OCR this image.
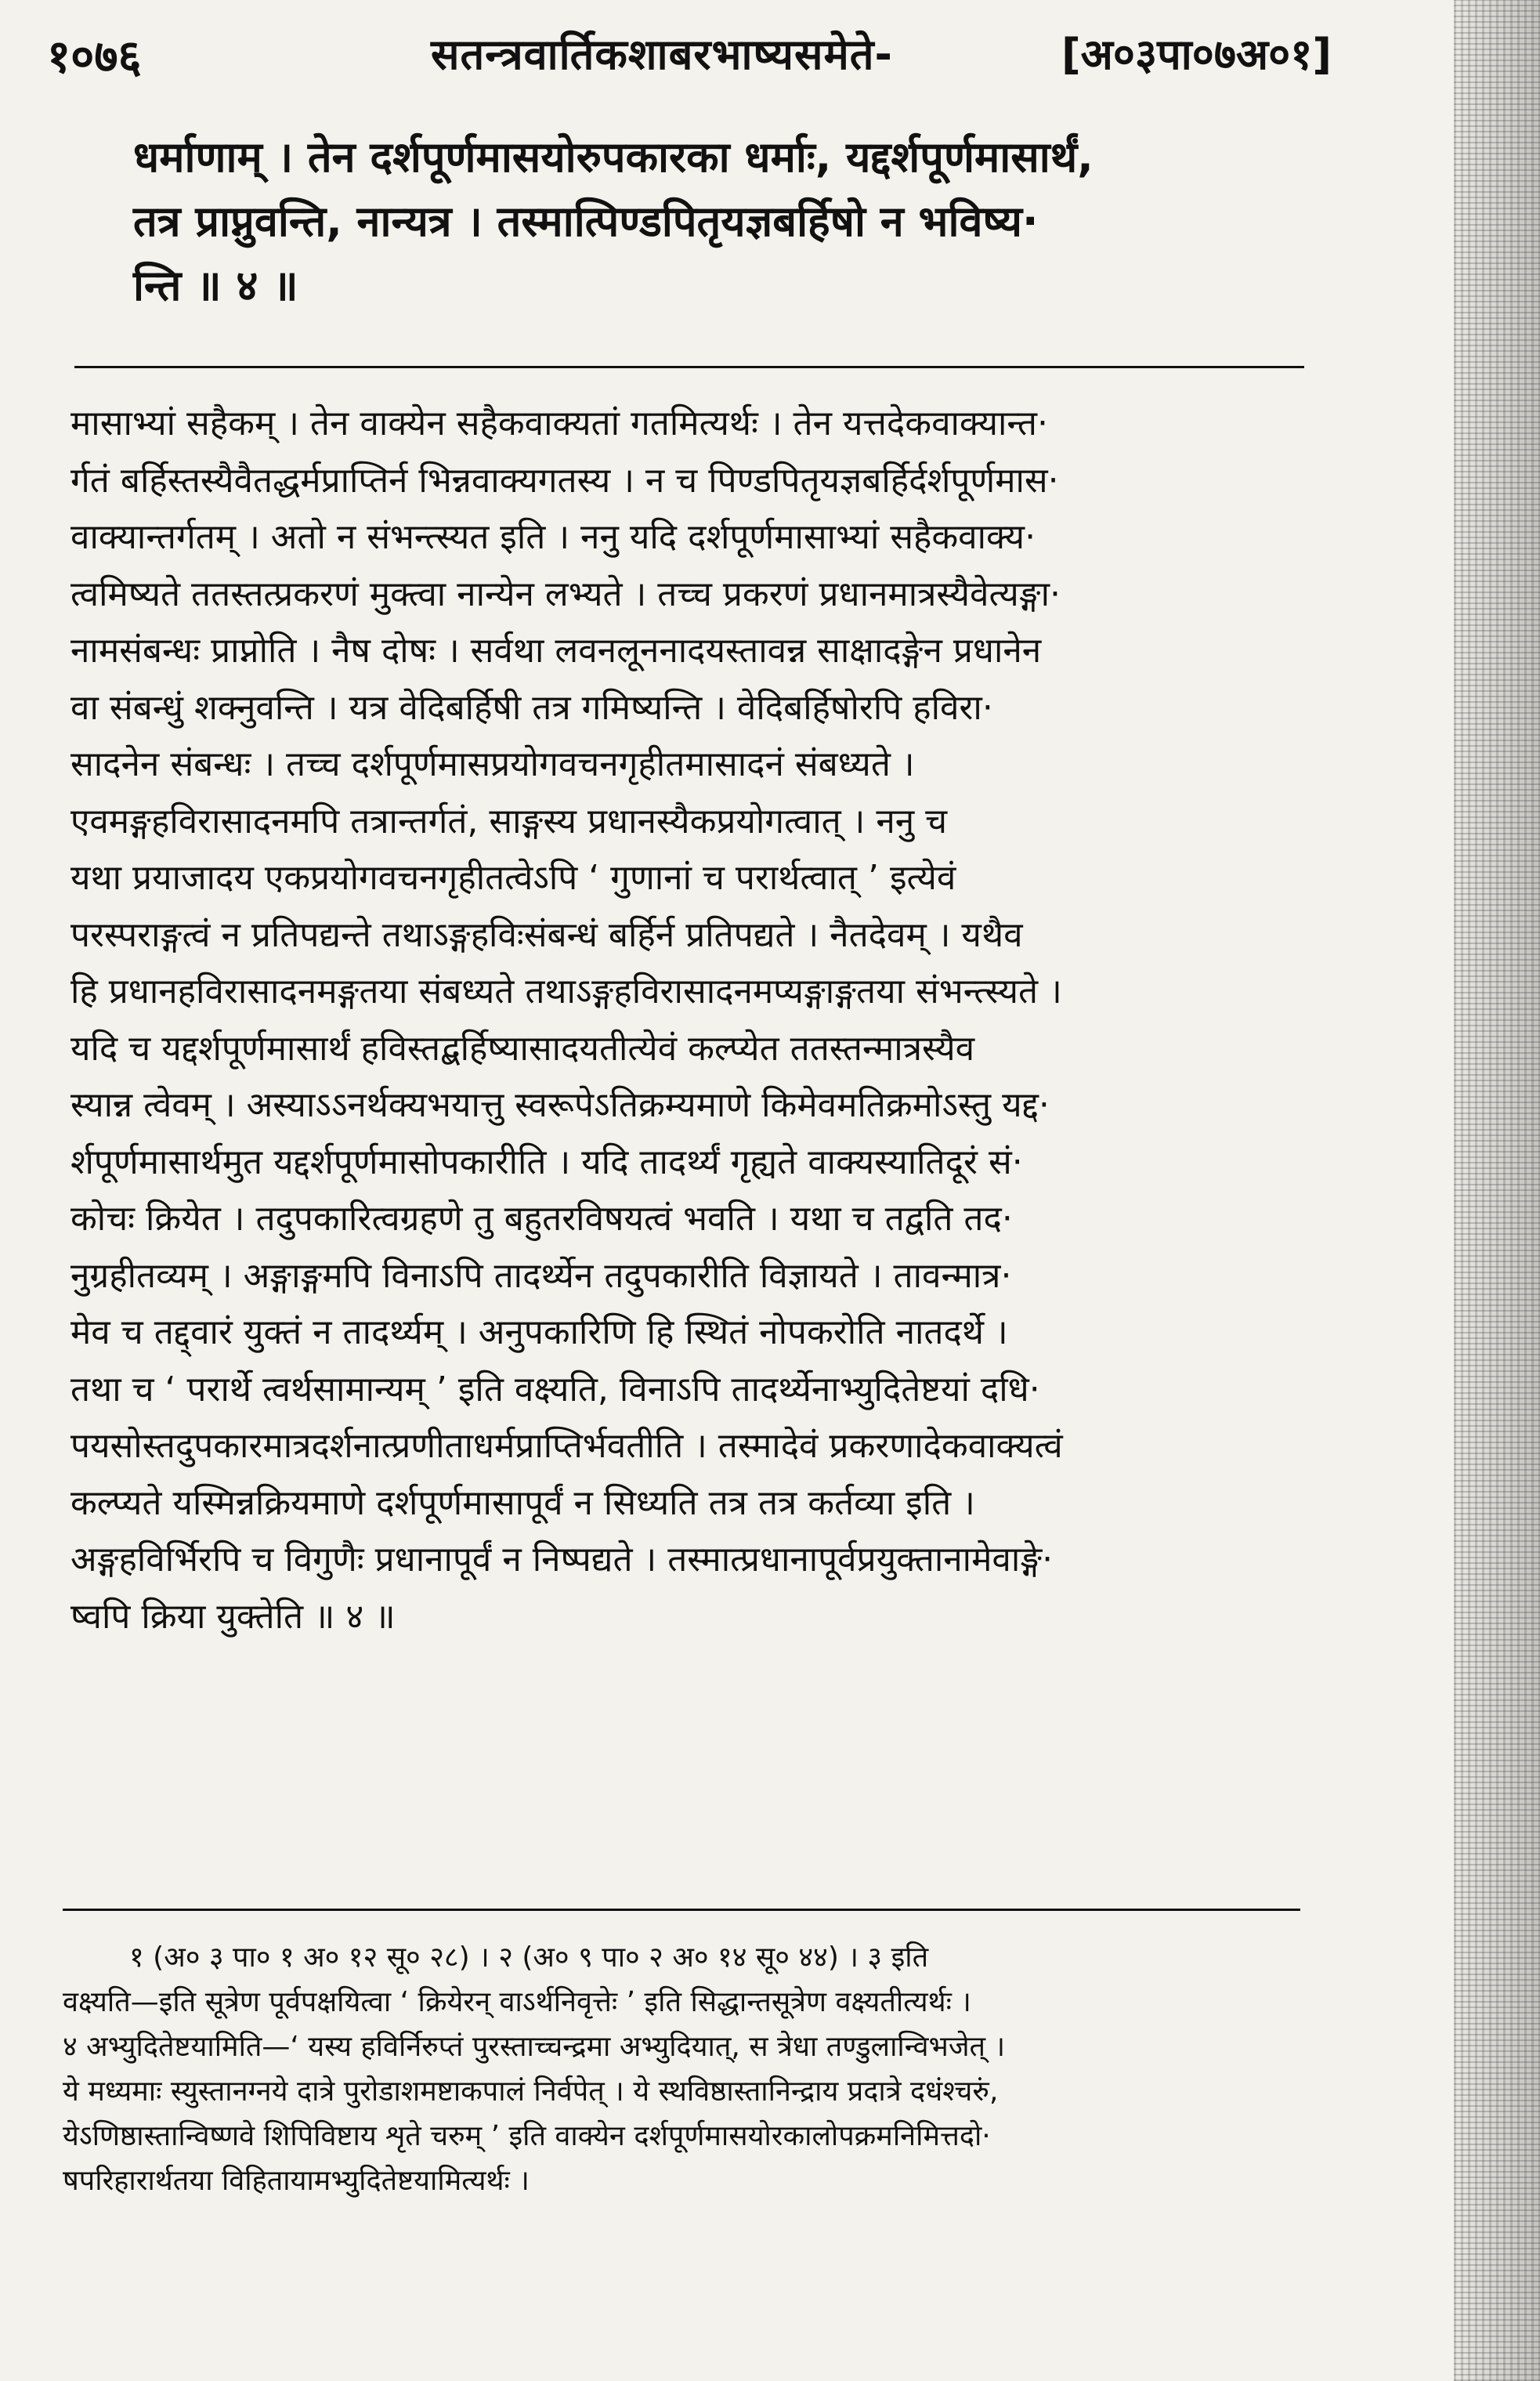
१०७६	सतन्त्रवार्तिकशाबरभाष्यसमेते-	[अ०३पा०७अ०१]
धर्माणाम् । तेन दर्शपूर्णमासयोरुपकारका धर्माः, यद्दर्शपूर्णमासार्थं,
तत्र प्राप्नुवन्ति, नान्यत्र । तस्मात्पिण्डपितृयज्ञबर्हिषो न भविष्य·
न्ति ॥ ४ ॥
मासाभ्यां सहैकम् । तेन वाक्येन सहैकवाक्यतां गतमित्यर्थः । तेन यत्तदेकवाक्यान्त·
र्गतं बर्हिस्तस्यैवैतद्धर्मप्राप्तिर्न भिन्नवाक्यगतस्य । न च पिण्डपितृयज्ञबर्हिर्दर्शपूर्णमास·
वाक्यान्तर्गतम् । अतो न संभन्त्स्यत इति । ननु यदि दर्शपूर्णमासाभ्यां सहैकवाक्य·
त्वमिष्यते ततस्तत्प्रकरणं मुक्त्वा नान्येन लभ्यते । तच्च प्रकरणं प्रधानमात्रस्यैवेत्यङ्गा·
नामसंबन्धः प्राप्नोति । नैष दोषः । सर्वथा लवनलूननादयस्तावन्न साक्षादङ्गेन प्रधानेन
वा संबन्धुं शक्नुवन्ति । यत्र वेदिबर्हिषी तत्र गमिष्यन्ति । वेदिबर्हिषोरपि हविरा·
सादनेन संबन्धः । तच्च दर्शपूर्णमासप्रयोगवचनगृहीतमासादनं संबध्यते ।
एवमङ्गहविरासादनमपि तत्रान्तर्गतं, साङ्गस्य प्रधानस्यैकप्रयोगत्वात् । ननु च
यथा प्रयाजादय एकप्रयोगवचनगृहीतत्वेऽपि ‘ गुणानां च परार्थत्वात् ’ इत्येवं
परस्पराङ्गत्वं न प्रतिपद्यन्ते तथाऽङ्गहविःसंबन्धं बर्हिर्न प्रतिपद्यते । नैतदेवम् । यथैव
हि प्रधानहविरासादनमङ्गतया संबध्यते तथाऽङ्गहविरासादनमप्यङ्गाङ्गतया संभन्त्स्यते ।
यदि च यद्दर्शपूर्णमासार्थं हविस्तद्बर्हिष्यासादयतीत्येवं कल्प्येत ततस्तन्मात्रस्यैव
स्यान्न त्वेवम् । अस्याऽऽनर्थक्यभयात्तु स्वरूपेऽतिक्रम्यमाणे किमेवमतिक्रमोऽस्तु यद्द·
र्शपूर्णमासार्थमुत यद्दर्शपूर्णमासोपकारीति । यदि तादर्थ्यं गृह्यते वाक्यस्यातिदूरं सं·
कोचः क्रियेत । तदुपकारित्वग्रहणे तु बहुतरविषयत्वं भवति । यथा च तद्वति तद·
नुग्रहीतव्यम् । अङ्गाङ्गमपि विनाऽपि तादर्थ्येन तदुपकारीति विज्ञायते । तावन्मात्र·
मेव च तद्द्वारं युक्तं न तादर्थ्यम् । अनुपकारिणि हि स्थितं नोपकरोति नातदर्थे ।
तथा च ‘ परार्थे त्वर्थसामान्यम् ’ इति वक्ष्यति, विनाऽपि तादर्थ्येनाभ्युदितेष्टयां दधि·
पयसोस्तदुपकारमात्रदर्शनात्प्रणीताधर्मप्राप्तिर्भवतीति । तस्मादेवं प्रकरणादेकवाक्यत्वं
कल्प्यते यस्मिन्नक्रियमाणे दर्शपूर्णमासापूर्वं न सिध्यति तत्र तत्र कर्तव्या इति ।
अङ्गहविर्भिरपि च विगुणैः प्रधानापूर्वं न निष्पद्यते । तस्मात्प्रधानापूर्वप्रयुक्तानामेवाङ्गे·
ष्वपि क्रिया युक्तेति ॥ ४ ॥
१ (अ० ३ पा० १ अ० १२ सू० २८) । २ (अ० ९ पा० २ अ० १४ सू० ४४) । ३ इति
वक्ष्यति—इति सूत्रेण पूर्वपक्षयित्वा ‘ क्रियेरन् वाऽर्थनिवृत्तेः ’ इति सिद्धान्तसूत्रेण वक्ष्यतीत्यर्थः ।
४ अभ्युदितेष्टयामिति—‘ यस्य हविर्निरुप्तं पुरस्ताच्चन्द्रमा अभ्युदियात्, स त्रेधा तण्डुलान्विभजेत् ।
ये मध्यमाः स्युस्तानग्नये दात्रे पुरोडाशमष्टाकपालं निर्वपेत् । ये स्थविष्ठास्तानिन्द्राय प्रदात्रे दधंश्चरुं,
येऽणिष्ठास्तान्विष्णवे शिपिविष्टाय शृते चरुम् ’ इति वाक्येन दर्शपूर्णमासयोरकालोपक्रमनिमित्तदो·
षपरिहारार्थतया विहितायामभ्युदितेष्टयामित्यर्थः ।
